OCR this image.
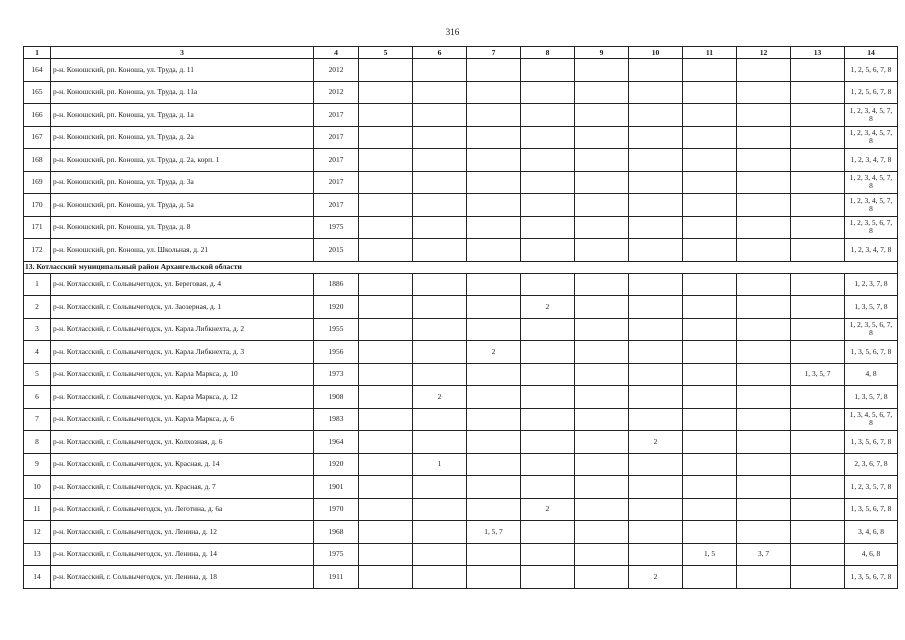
316
1	3	4	5	6	7	8	9	10	11	12	13	14
164	р-н. Коношский, рп. Коноша, ул. Труда, д. 11	2012										1, 2, 5, 6, 7, 8
165	р-н. Коношский, рп. Коноша, ул. Труда, д. 11а	2012										1, 2, 5, 6, 7, 8
166	р-н. Коношский, рп. Коноша, ул. Труда, д. 1а	2017										1, 2, 3, 4, 5, 7, 8
167	р-н. Коношский, рп. Коноша, ул. Труда, д. 2а	2017										1, 2, 3, 4, 5, 7, 8
168	р-н. Коношский, рп. Коноша, ул. Труда, д. 2а, корп. 1	2017										1, 2, 3, 4, 7, 8
169	р-н. Коношский, рп. Коноша, ул. Труда, д. 3а	2017										1, 2, 3, 4, 5, 7, 8
170	р-н. Коношский, рп. Коноша, ул. Труда, д. 5а	2017										1, 2, 3, 4, 5, 7, 8
171	р-н. Коношский, рп. Коноша, ул. Труда, д. 8	1975										1, 2, 3, 5, 6, 7, 8
172	р-н. Коношский, рп. Коноша, ул. Школьная, д. 21	2015										1, 2, 3, 4, 7, 8
13. Котласский муниципальный район Архангельской области												
1	р-н. Котласский, г. Сольвычегодск, ул. Береговая, д. 4	1886										1, 2, 3, 7, 8
2	р-н. Котласский, г. Сольвычегодск, ул. Заозерная, д. 1	1920				2						1, 3, 5, 7, 8
3	р-н. Котласский, г. Сольвычегодск, ул. Карла Либкнехта, д. 2	1955										1, 2, 3, 5, 6, 7, 8
4	р-н. Котласский, г. Сольвычегодск, ул. Карла Либкнехта, д. 3	1956			2							1, 3, 5, 6, 7, 8
5	р-н. Котласский, г. Сольвычегодск, ул. Карла Маркса, д. 10	1973									1, 3, 5, 7	4, 8
6	р-н. Котласский, г. Сольвычегодск, ул. Карла Маркса, д. 12	1908		2								1, 3, 5, 7, 8
7	р-н. Котласский, г. Сольвычегодск, ул. Карла Маркса, д. 6	1983										1, 3, 4, 5, 6, 7, 8
8	р-н. Котласский, г. Сольвычегодск, ул. Колхозная, д. 6	1964						2				1, 3, 5, 6, 7, 8
9	р-н. Котласский, г. Сольвычегодск, ул. Красная, д. 14	1920		1								2, 3, 6, 7, 8
10	р-н. Котласский, г. Сольвычегодск, ул. Красная, д. 7	1901										1, 2, 3, 5, 7, 8
11	р-н. Котласский, г. Сольвычегодск, ул. Леготина, д. 6а	1970				2						1, 3, 5, 6, 7, 8
12	р-н. Котласский, г. Сольвычегодск, ул. Ленина, д. 12	1968			1, 5, 7							3, 4, 6, 8
13	р-н. Котласский, г. Сольвычегодск, ул. Ленина, д. 14	1975							1, 5	3, 7		4, 6, 8
14	р-н. Котласский, г. Сольвычегодск, ул. Ленина, д. 18	1911						2				1, 3, 5, 6, 7, 8
